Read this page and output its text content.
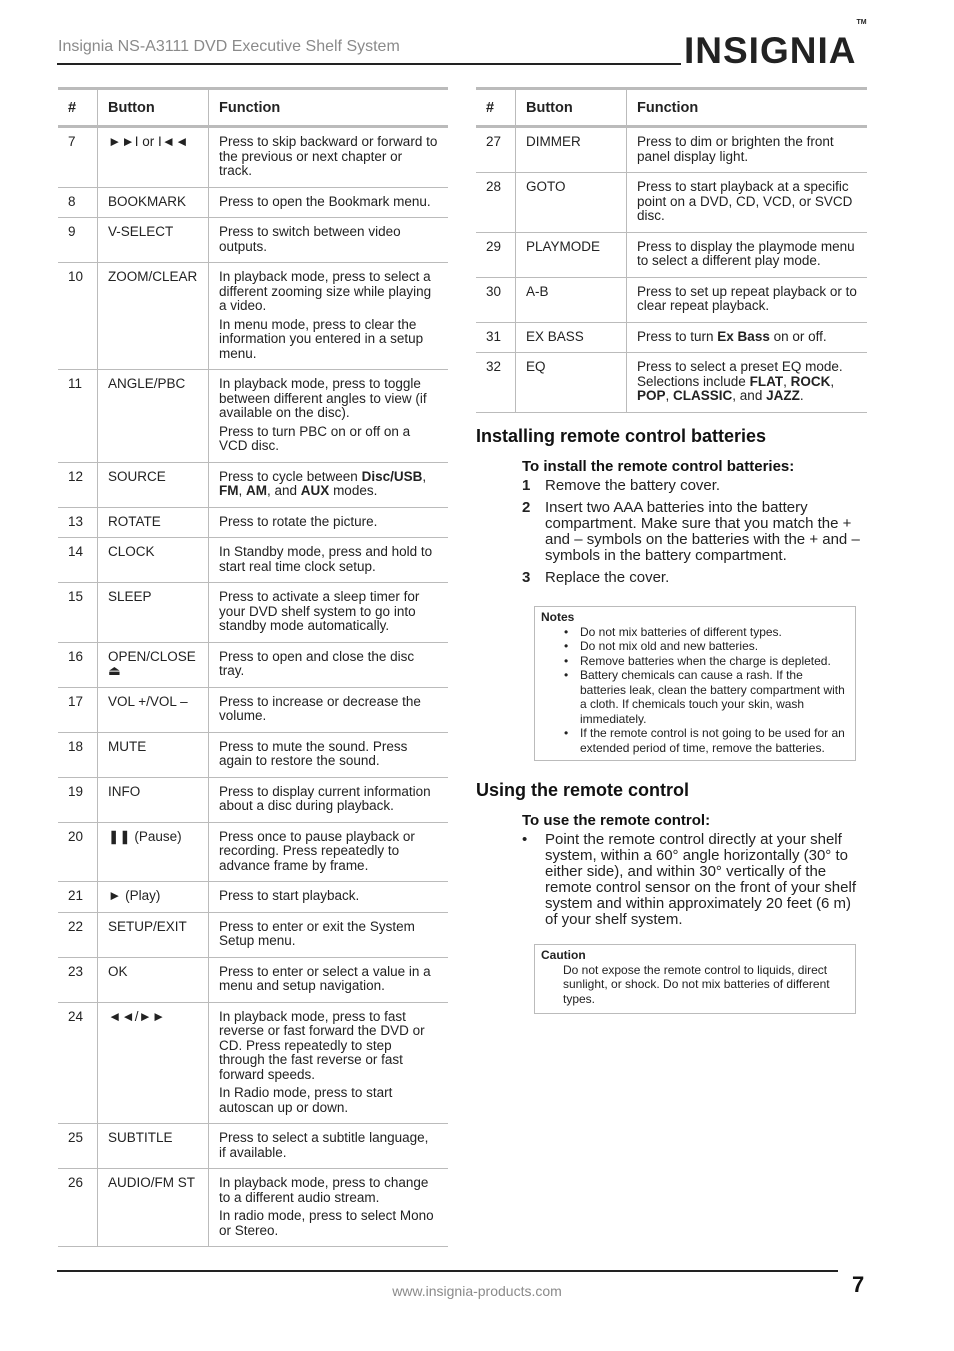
Insignia NS-A3111 DVD Executive Shelf System	INSIGNIA™
#	Button	Function
7	►►I or I◄◄	Press to skip backward or forward to the previous or next chapter or track.

8	BOOKMARK	Press to open the Bookmark menu.

9	V-SELECT	Press to switch between video outputs.

10	ZOOM/CLEAR	In playback mode, press to select a different zooming size while playing a video.

In menu mode, press to clear the information you entered in a setup menu.

11	ANGLE/PBC	In playback mode, press to toggle between different angles to view (if available on the disc).

Press to turn PBC on or off on a VCD disc.

12	SOURCE	Press to cycle between Disc/USB, FM, AM, and AUX modes.

13	ROTATE	Press to rotate the picture.

14	CLOCK	In Standby mode, press and hold to start real time clock setup.

15	SLEEP	Press to activate a sleep timer for your DVD shelf system to go into standby mode automatically.

16	OPEN/CLOSE ⏏	Press to open and close the disc tray.

17	VOL +/VOL –	Press to increase or decrease the volume.

18	MUTE	Press to mute the sound. Press again to restore the sound.

19	INFO	Press to display current information about a disc during playback.

20	❚❚ (Pause)	Press once to pause playback or recording. Press repeatedly to advance frame by frame.

21	► (Play)	Press to start playback.

22	SETUP/EXIT	Press to enter or exit the System Setup menu.

23	OK	Press to enter or select a value in a menu and setup navigation.

24	◄◄/►►	In playback mode, press to fast reverse or fast forward the DVD or CD. Press repeatedly to step through the fast reverse or fast forward speeds.

In Radio mode, press to start autoscan up or down.

25	SUBTITLE	Press to select a subtitle language, if available.

26	AUDIO/FM ST	In playback mode, press to change to a different audio stream.

In radio mode, press to select Mono or Stereo.

#	Button	Function
27	DIMMER	Press to dim or brighten the front panel display light.

28	GOTO	Press to start playback at a specific point on a DVD, CD, VCD, or SVCD disc.

29	PLAYMODE	Press to display the playmode menu to select a different play mode.

30	A-B	Press to set up repeat playback or to clear repeat playback.

31	EX BASS	Press to turn Ex Bass on or off.

32	EQ	Press to select a preset EQ mode. Selections include FLAT, ROCK, POP, CLASSIC, and JAZZ.

Installing remote control batteries
To install the remote control batteries:
1 Remove the battery cover.
2 Insert two AAA batteries into the battery compartment. Make sure that you match the + and – symbols on the batteries with the + and – symbols in the battery compartment.
3 Replace the cover.
Notes
• Do not mix batteries of different types.
• Do not mix old and new batteries.
• Remove batteries when the charge is depleted.
• Battery chemicals can cause a rash. If the batteries leak, clean the battery compartment with a cloth. If chemicals touch your skin, wash immediately.
• If the remote control is not going to be used for an extended period of time, remove the batteries.
Using the remote control
To use the remote control:
• Point the remote control directly at your shelf system, within a 60° angle horizontally (30° to either side), and within 30° vertically of the remote control sensor on the front of your shelf system and within approximately 20 feet (6 m) of your shelf system.
Caution
Do not expose the remote control to liquids, direct sunlight, or shock. Do not mix batteries of different types.
www.insignia-products.com	7
